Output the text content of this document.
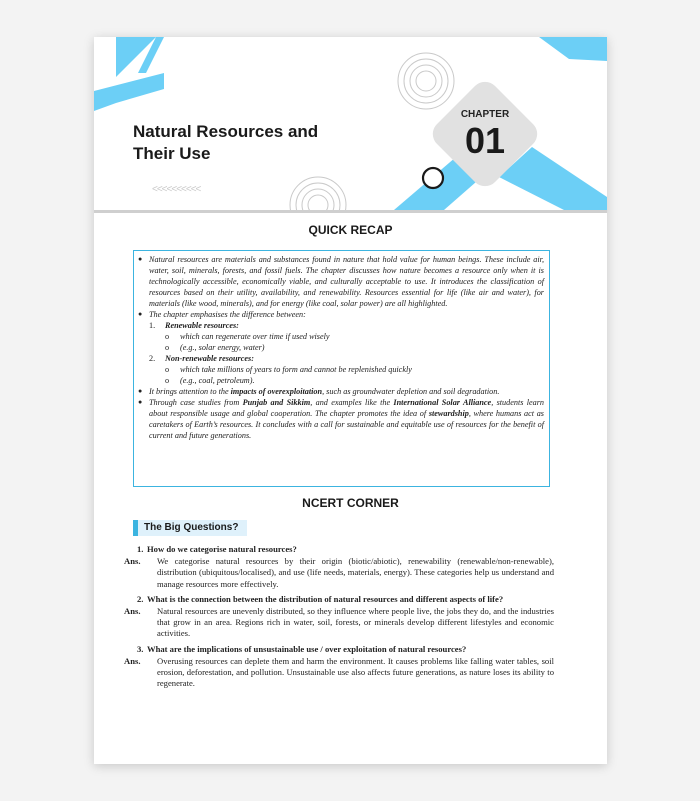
<<<<<<<<<<
Natural Resources and
Their Use
CHAPTER
01
QUICK RECAP
● Natural resources are materials and substances found in nature that hold value for human beings. These include air, water, soil, minerals, forests, and fossil fuels. The chapter discusses how nature becomes a resource only when it is technologically accessible, economically viable, and culturally acceptable to use. It introduces the classification of resources based on their utility, availability, and renewability. Resources essential for life (like air and water), for materials (like wood, minerals), and for energy (like coal, solar power) are all highlighted.
● The chapter emphasises the difference between:
1. Renewable resources:
o which can regenerate over time if used wisely
o (e.g., solar energy, water)
2. Non-renewable resources:
o which take millions of years to form and cannot be replenished quickly
o (e.g., coal, petroleum).
● It brings attention to the impacts of overexploitation, such as groundwater depletion and soil degradation.
● Through case studies from Punjab and Sikkim, and examples like the International Solar Alliance, students learn about responsible usage and global cooperation. The chapter promotes the idea of stewardship, where humans act as caretakers of Earth’s resources. It concludes with a call for sustainable and equitable use of resources for the benefit of current and future generations.
NCERT CORNER
The Big Questions?
1. How do we categorise natural resources?
Ans. We categorise natural resources by their origin (biotic/abiotic), renewability (renewable/non-renewable), distribution (ubiquitous/localised), and use (life needs, materials, energy). These categories help us understand and manage resources more effectively.
2. What is the connection between the distribution of natural resources and different aspects of life?
Ans. Natural resources are unevenly distributed, so they influence where people live, the jobs they do, and the industries that grow in an area. Regions rich in water, soil, forests, or minerals develop different lifestyles and economic activities.
3. What are the implications of unsustainable use / over exploitation of natural resources?
Ans. Overusing resources can deplete them and harm the environment. It causes problems like falling water tables, soil erosion, deforestation, and pollution. Unsustainable use also affects future generations, as nature loses its ability to regenerate.
